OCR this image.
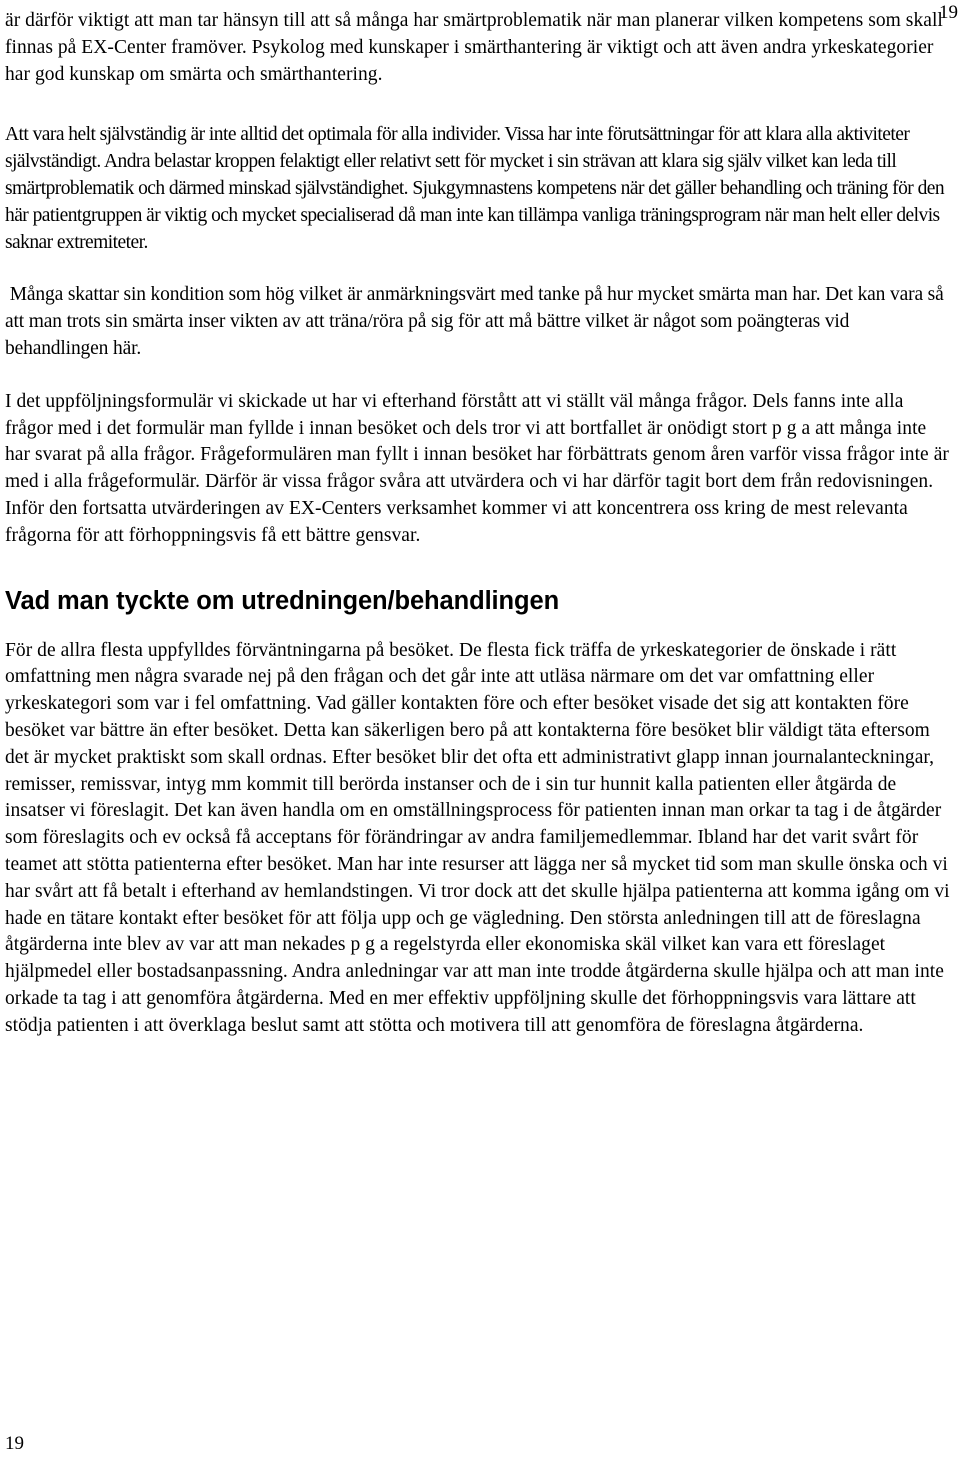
19

är därför viktigt att man tar hänsyn till att så många har smärtproblematik när man planerar vilken kompetens som skall finnas på EX-Center framöver. Psykolog med kunskaper i smärthantering är viktigt och att även andra yrkeskategorier har god kunskap om smärta och smärthantering.

Att vara helt självständig är inte alltid det optimala för alla individer. Vissa har inte förutsättningar för att klara alla aktiviteter självständigt. Andra belastar kroppen felaktigt eller relativt sett för mycket i sin strävan att klara sig själv vilket kan leda till smärtproblematik och därmed minskad självständighet. Sjukgymnastens kompetens när det gäller behandling och träning för den här patientgruppen är viktig och mycket specialiserad då man inte kan tillämpa vanliga träningsprogram när man helt eller delvis saknar extremiteter.

Många skattar sin kondition som hög vilket är anmärkningsvärt med tanke på hur mycket smärta man har. Det kan vara så att man trots sin smärta inser vikten av att träna/röra på sig för att må bättre vilket är något som poängteras vid behandlingen här.

I det uppföljningsformulär vi skickade ut har vi efterhand förstått att vi ställt väl många frågor. Dels fanns inte alla frågor med i det formulär man fyllde i innan besöket och dels tror vi att bortfallet är onödigt stort p g a att många inte har svarat på alla frågor. Frågeformulären man fyllt i innan besöket har förbättrats genom åren varför vissa frågor inte är med i alla frågeformulär. Därför är vissa frågor svåra att utvärdera och vi har därför tagit bort dem från redovisningen. Inför den fortsatta utvärderingen av EX-Centers verksamhet kommer vi att koncentrera oss kring de mest relevanta frågorna för att förhoppningsvis få ett bättre gensvar.

Vad man tyckte om utredningen/behandlingen

För de allra flesta uppfylldes förväntningarna på besöket. De flesta fick träffa de yrkeskategorier de önskade i rätt omfattning men några svarade nej på den frågan och det går inte att utläsa närmare om det var omfattning eller yrkeskategori som var i fel omfattning. Vad gäller kontakten före och efter besöket visade det sig att kontakten före besöket var bättre än efter besöket. Detta kan säkerligen bero på att kontakterna före besöket blir väldigt täta eftersom det är mycket praktiskt som skall ordnas. Efter besöket blir det ofta ett administrativt glapp innan journalanteckningar, remisser, remissvar, intyg mm kommit till berörda instanser och de i sin tur hunnit kalla patienten eller åtgärda de insatser vi föreslagit. Det kan även handla om en omställningsprocess för patienten innan man orkar ta tag i de åtgärder som föreslagits och ev också få acceptans för förändringar av andra familjemedlemmar. Ibland har det varit svårt för teamet att stötta patienterna efter besöket. Man har inte resurser att lägga ner så mycket tid som man skulle önska och vi har svårt att få betalt i efterhand av hemlandstingen. Vi tror dock att det skulle hjälpa patienterna att komma igång om vi hade en tätare kontakt efter besöket för att följa upp och ge vägledning. Den största anledningen till att de föreslagna åtgärderna inte blev av var att man nekades p g a regelstyrda eller ekonomiska skäl vilket kan vara ett föreslaget hjälpmedel eller bostadsanpassning. Andra anledningar var att man inte trodde åtgärderna skulle hjälpa och att man inte orkade ta tag i att genomföra åtgärderna. Med en mer effektiv uppföljning skulle det förhoppningsvis vara lättare att stödja patienten i att överklaga beslut samt att stötta och motivera till att genomföra de föreslagna åtgärderna.

19
